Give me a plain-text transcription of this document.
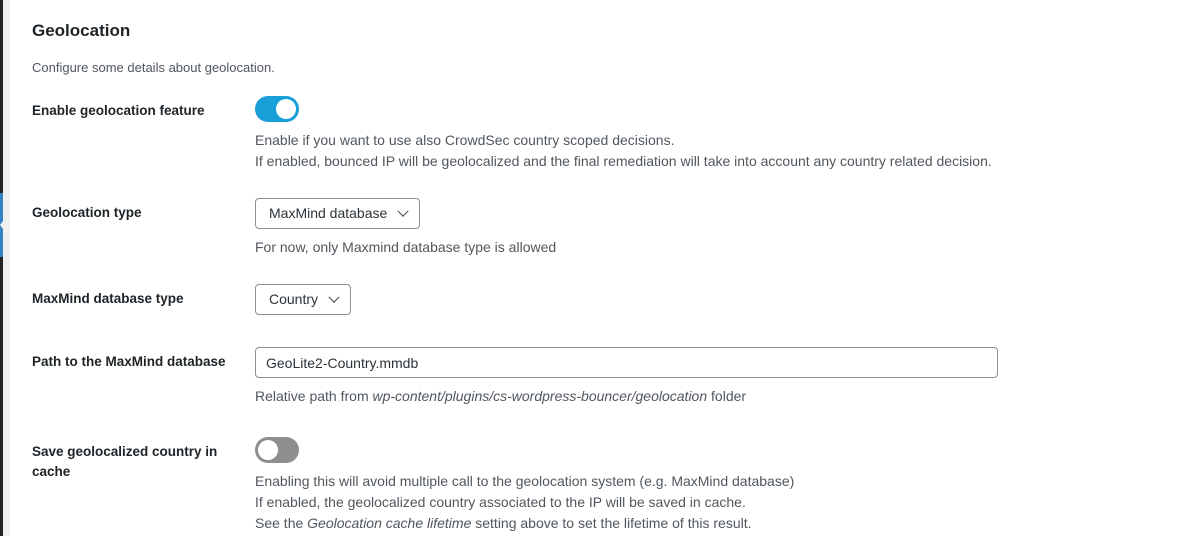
Geolocation

Configure some details about geolocation.

Enable geolocation feature
Enable if you want to use also CrowdSec country scoped decisions.
If enabled, bounced IP will be geolocalized and the final remediation will take into account any country related decision.
Geolocation type	MaxMind database
For now, only Maxmind database type is allowed
MaxMind database type	Country
Path to the MaxMind database
GeoLite2-Country.mmdb
Relative path from wp-content/plugins/cs-wordpress-bouncer/geolocation folder
Save geolocalized country in cache
Enabling this will avoid multiple call to the geolocation system (e.g. MaxMind database)
If enabled, the geolocalized country associated to the IP will be saved in cache.
See the Geolocation cache lifetime setting above to set the lifetime of this result.
